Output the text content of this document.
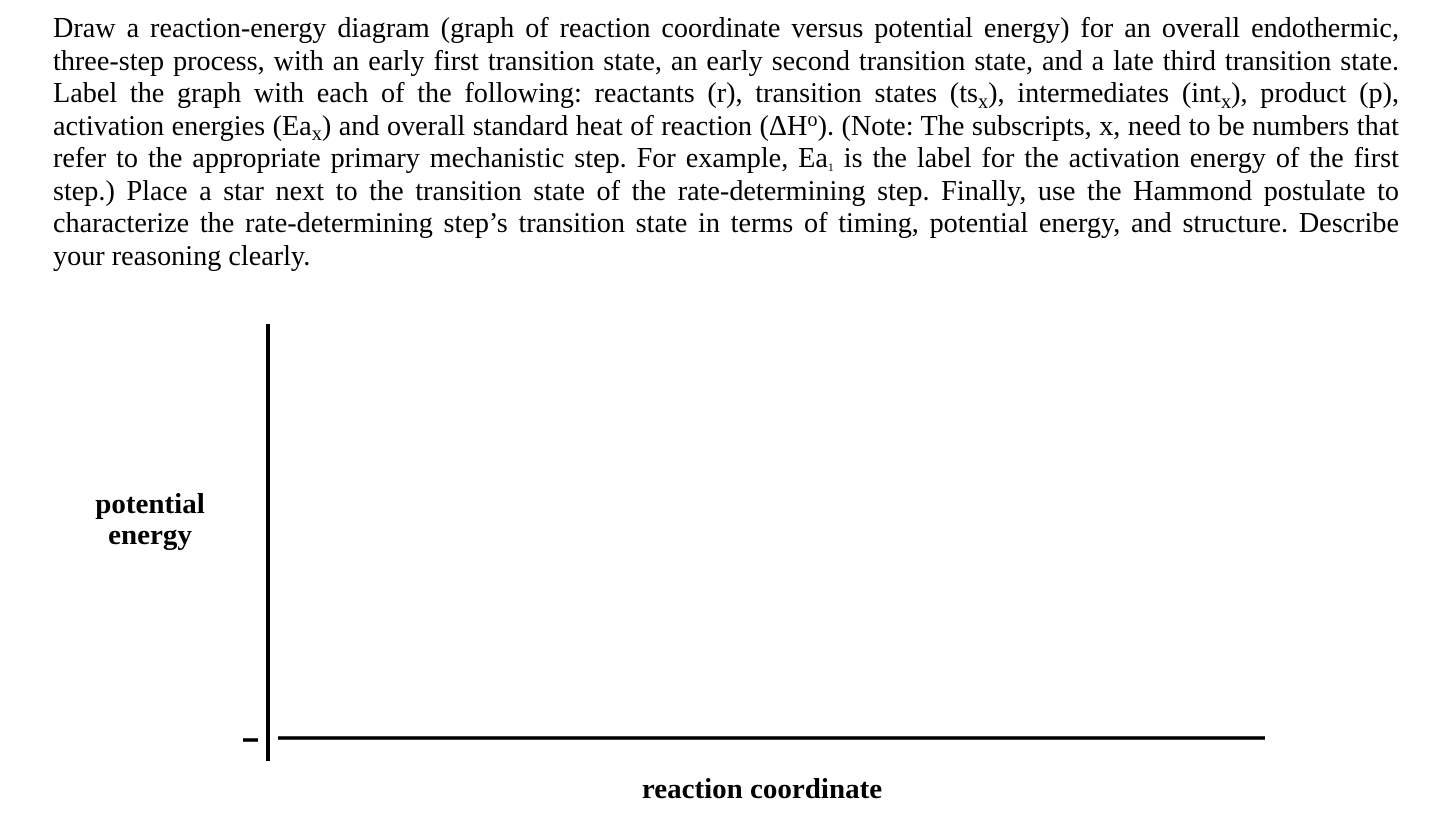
Draw a reaction-energy diagram (graph of reaction coordinate versus potential energy) for an overall endothermic, three-step process, with an early first transition state, an early second transition state, and a late third transition state. Label the graph with each of the following: reactants (r), transition states $(ts_x)$, intermediates (int$_x$), product (p), activation energies $(Ea_x)$ and overall standard heat of reaction $(\Delta H^o)$. (Note: The subscripts, x, need to be numbers that refer to the appropriate primary mechanistic step. For example, $Ea_1$ is the label for the activation energy of the first step.) Place a star next to the transition state of the rate-determining step. Finally, use the Hammond postulate to characterize the rate-determining step’s transition state in terms of timing, potential energy, and structure. Describe your reasoning clearly.

potential
energy
reaction coordinate
